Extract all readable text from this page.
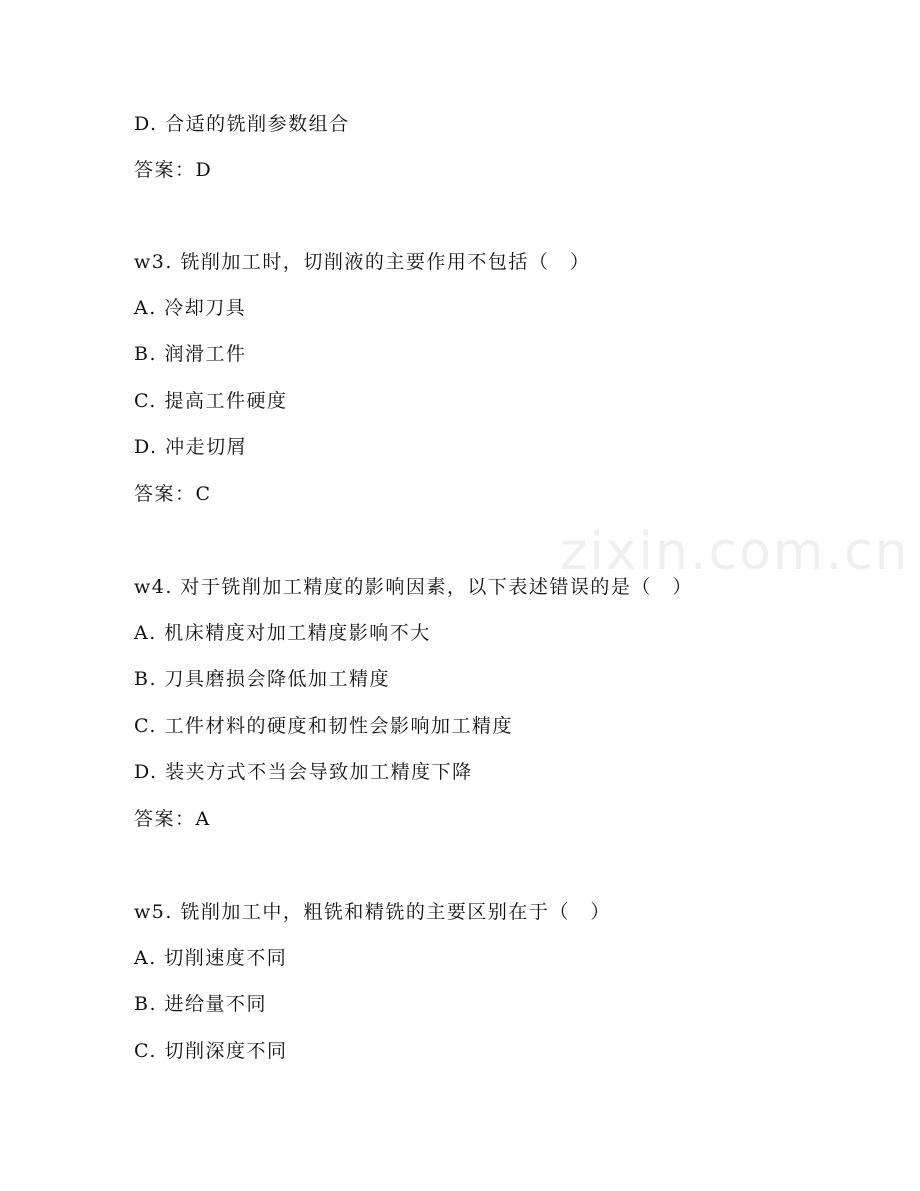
zixin.com.cn
D. 合适的铣削参数组合
答案：D
w3. 铣削加工时，切削液的主要作用不包括（　）
A. 冷却刀具
B. 润滑工件
C. 提高工件硬度
D. 冲走切屑
答案：C
w4. 对于铣削加工精度的影响因素，以下表述错误的是（　）
A. 机床精度对加工精度影响不大
B. 刀具磨损会降低加工精度
C. 工件材料的硬度和韧性会影响加工精度
D. 装夹方式不当会导致加工精度下降
答案：A
w5. 铣削加工中，粗铣和精铣的主要区别在于（　）
A. 切削速度不同
B. 进给量不同
C. 切削深度不同
